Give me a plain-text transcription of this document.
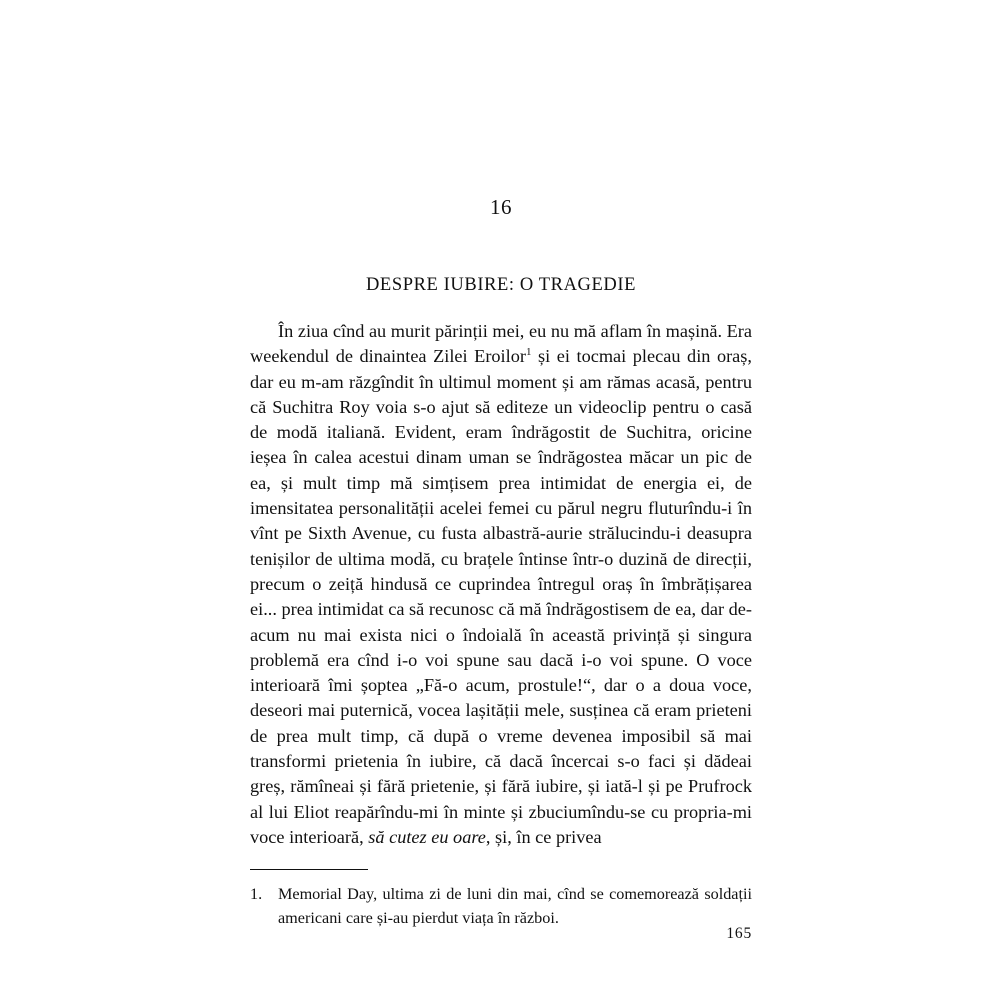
16
DESPRE IUBIRE: O TRAGEDIE

În ziua cînd au murit părinții mei, eu nu mă aflam în mașină. Era weekendul de dinaintea Zilei Eroilor$^1$ și ei tocmai plecau din oraș, dar eu m-am răzgîndit în ultimul moment și am rămas acasă, pentru că Suchitra Roy voia s-o ajut să editeze un videoclip pentru o casă de modă italiană. Evident, eram îndrăgostit de Suchitra, oricine ieșea în calea acestui dinam uman se îndrăgostea măcar un pic de ea, și mult timp mă simțisem prea intimidat de energia ei, de imensitatea personalității acelei femei cu părul negru fluturîndu-i în vînt pe Sixth Avenue, cu fusta albastră-aurie strălucindu-i deasupra tenișilor de ultima modă, cu brațele întinse într-o duzină de direcții, precum o zeiță hindusă ce cuprindea întregul oraș în îmbrățișarea ei... prea intimidat ca să recunosc că mă îndrăgostisem de ea, dar de-acum nu mai exista nici o îndoială în această privință și singura problemă era cînd i-o voi spune sau dacă i-o voi spune. O voce interioară îmi șoptea „Fă-o acum, prostule!“, dar o a doua voce, deseori mai puternică, vocea lașității mele, susținea că eram prieteni de prea mult timp, că după o vreme devenea imposibil să mai transformi prietenia în iubire, că dacă încercai s-o faci și dădeai greș, rămîneai și fără prietenie, și fără iubire, și iată-l și pe Prufrock al lui Eliot reapărîndu-mi în minte și zbuciumîndu-se cu propria-mi voce interioară, să cutez eu oare, și, în ce privea

1. Memorial Day, ultima zi de luni din mai, cînd se comemorează soldații americani care și-au pierdut viața în război.
165
